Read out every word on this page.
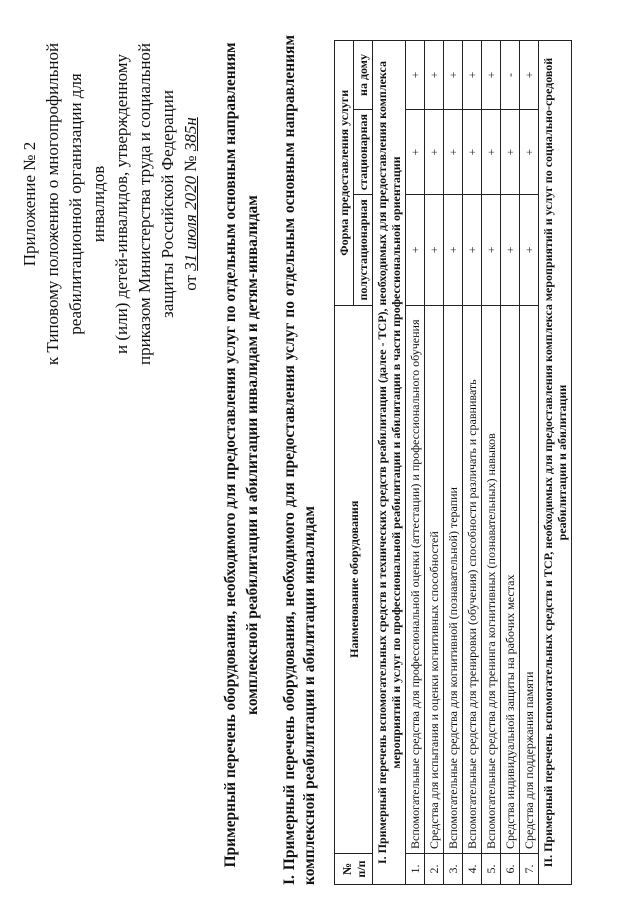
Приложение № 2 к Типовому положению о многопрофильной реабилитационной организации для инвалидов и (или) детей-инвалидов, утвержденному приказом Министерства труда и социальной защиты Российской Федерации от 31 июля 2020 № 385н Примерный перечень оборудования, необходимого для предоставления услуг по отдельным основным направлениям комплексной реабилитации и абилитации инвалидам и детям-инвалидам I. Примерный перечень оборудования, необходимого для предоставления услуг по отдельным основным направлениям комплексной реабилитации и абилитации инвалидам № п/п	Наименование оборудования	Форма предоставления услуги		
		полустационарная	стационарная	на дому
I. Примерный перечень вспомогательных средств и технических средств реабилитации (далее - ТСР), необходимых для предоставления комплекса мероприятий и услуг по профессиональной реабилитации и абилитации в части профессиональной ориентации				
1.	Вспомогательные средства для профессиональной оценки (аттестации) и профессионального обучения	+	+	+
2.	Средства для испытания и оценки когнитивных способностей	+	+	+
3.	Вспомогательные средства для когнитивной (познавательной) терапии	+	+	+
4.	Вспомогательные средства для тренировки (обучения) способности различать и сравнивать	+	+	+
5.	Вспомогательные средства для тренинга когнитивных (познавательных) навыков	+	+	+
6.	Средства индивидуальной защиты на рабочих местах	+	+	-
7.	Средства для поддержания памяти	+	+	+
II. Примерный перечень вспомогательных средств и ТСР, необходимых для предоставления комплекса мероприятий и услуг по социально-средовой реабилитации и абилитации				
